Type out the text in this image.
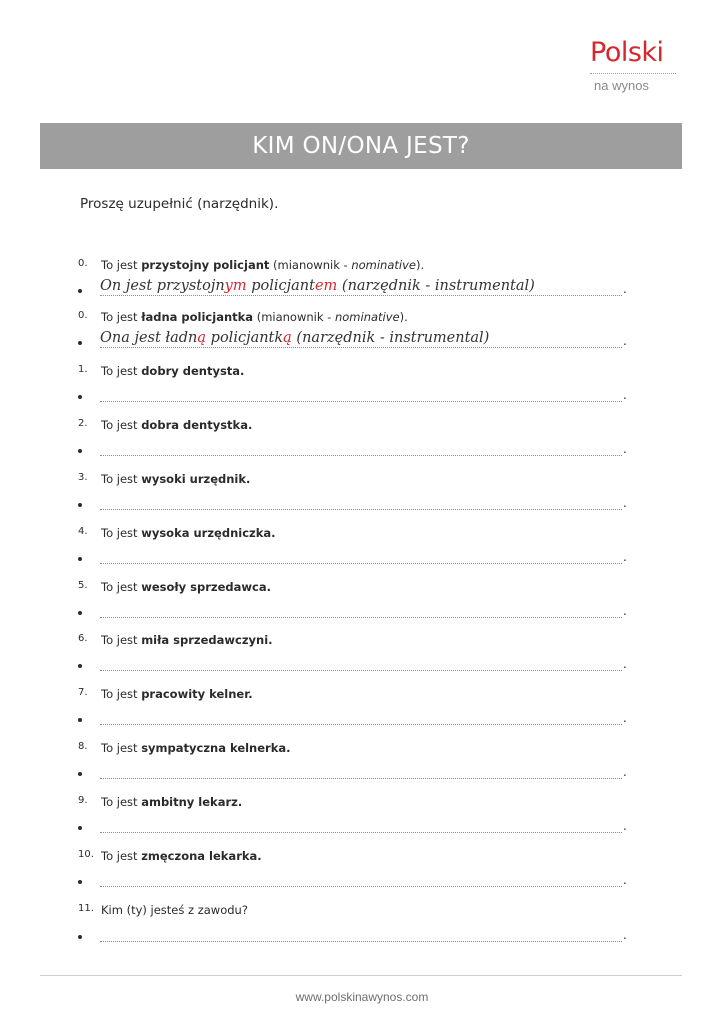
Polski
na wynos
KIM ON/ONA JEST?
Proszę uzupełnić (narzędnik).
0.	To jest przystojny policjant (mianownik - nominative).
On jest przystojnym policjantem (narzędnik - instrumental)	.
0.	To jest ładna policjantka (mianownik - nominative).
Ona jest ładną policjantką (narzędnik - instrumental)	.
1.	To jest dobry dentysta.
.
2.	To jest dobra dentystka.
.
3.	To jest wysoki urzędnik.
.
4.	To jest wysoka urzędniczka.
.
5.	To jest wesoły sprzedawca.
.
6.	To jest miła sprzedawczyni.
.
7.	To jest pracowity kelner.
.
8.	To jest sympatyczna kelnerka.
.
9.	To jest ambitny lekarz.
.
10. To jest zmęczona lekarka.
.
11. Kim (ty) jesteś z zawodu?
.
www.polskinawynos.com
